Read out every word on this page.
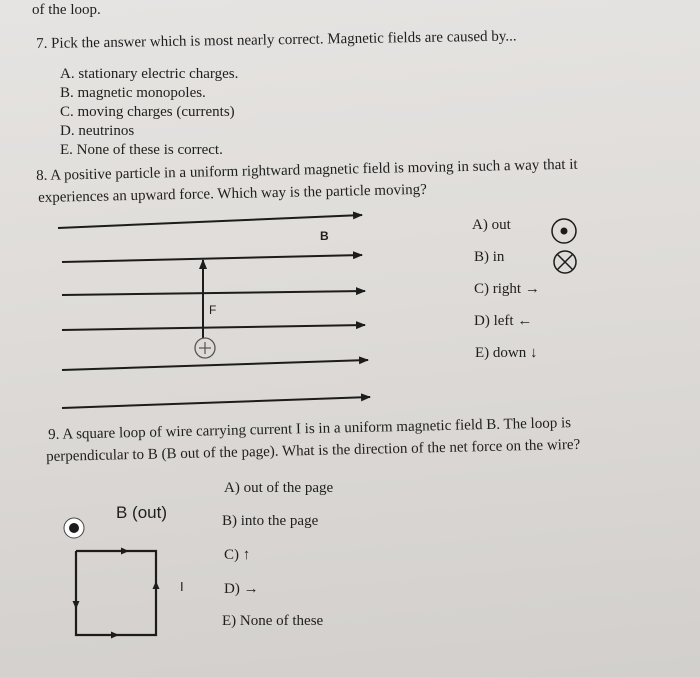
of the loop.
7. Pick the answer which is most nearly correct. Magnetic fields are caused by...
A. stationary electric charges.
B. magnetic monopoles.
C. moving charges (currents)
D. neutrinos
E. None of these is correct.
8. A positive particle in a uniform rightward magnetic field is moving in such a way that it
experiences an upward force. Which way is the particle moving?
B
F
A) out
B) in
C) right →
D) left ←
E) down ↓
9. A square loop of wire carrying current I is in a uniform magnetic field B. The loop is
perpendicular to B (B out of the page). What is the direction of the net force on the wire?
B (out)
I
A) out of the page
B) into the page
C) ↑
D) →
E) None of these
